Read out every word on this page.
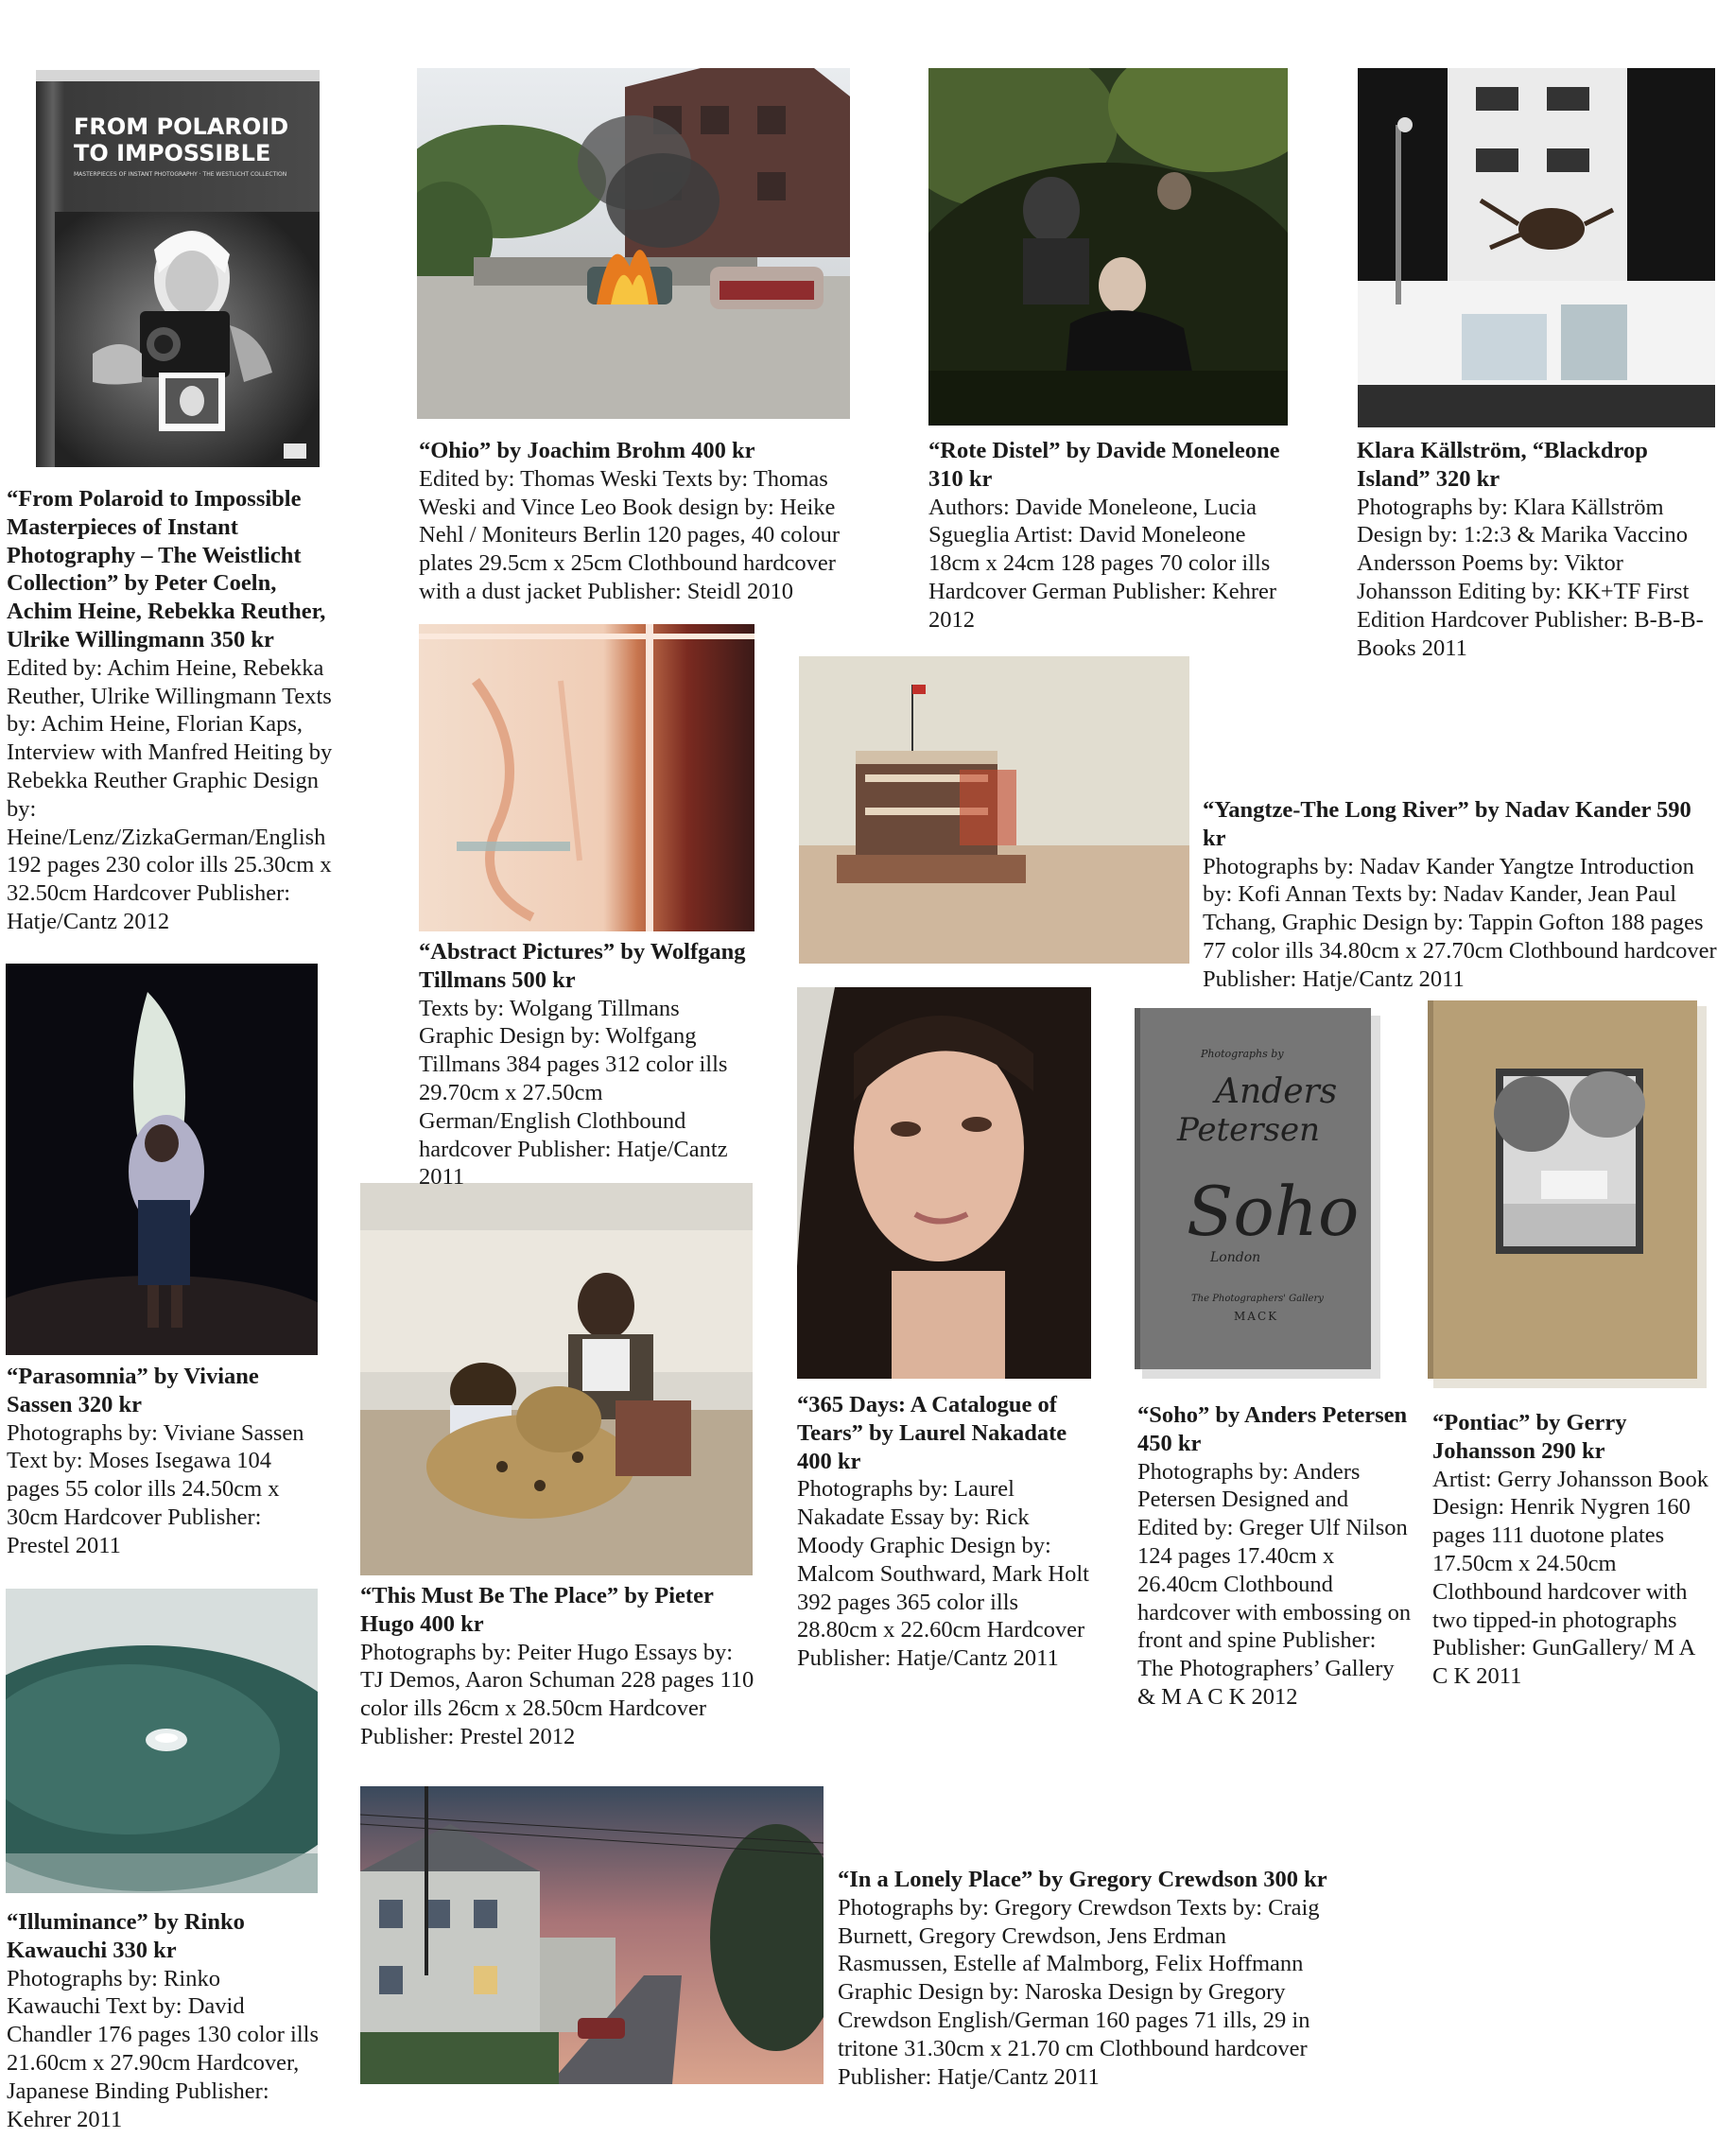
FROM POLAROID
TO IMPOSSIBLE
MASTERPIECES OF INSTANT PHOTOGRAPHY · THE WESTLICHT COLLECTION
Photographs by
Anders
Petersen
Soho
London
The Photographers' Gallery
MACK
“From Polaroid to Impossible Masterpieces of Instant Photography – The Weistlicht Collection” by Peter Coeln, Achim Heine, Rebekka Reuther, Ulrike Willingmann 350 kr
Edited by: Achim Heine, Rebekka Reuther, Ulrike Willingmann Texts by: Achim Heine, Florian Kaps, Interview with Manfred Heiting by Rebekka Reuther Graphic Design by: Heine/Lenz/ZizkaGerman/English 192 pages 230 color ills 25.30cm x 32.50cm Hardcover Publisher: Hatje/Cantz 2012
“Ohio” by Joachim Brohm 400 kr
Edited by: Thomas Weski Texts by: Thomas Weski and Vince Leo Book design by: Heike Nehl / Moniteurs Berlin 120 pages, 40 colour plates 29.5cm x 25cm Clothbound hardcover with a dust jacket Publisher: Steidl 2010
“Rote Distel” by Davide Moneleone 310 kr
Authors: Davide Moneleone, Lucia Sgueglia Artist: David Moneleone 18cm x 24cm 128 pages 70 color ills Hardcover German Publisher: Kehrer 2012
Klara Källström, “Blackdrop Island” 320 kr
Photographs by: Klara Källström Design by: 1:2:3 & Marika Vaccino Andersson Poems by: Viktor Johansson Editing by: KK+TF First Edition Hardcover Publisher: B-B-B-Books 2011
“Abstract Pictures” by Wolfgang Tillmans 500 kr
Texts by: Wolgang Tillmans Graphic Design by: Wolfgang Tillmans 384 pages 312 color ills 29.70cm x 27.50cm German/English Clothbound hardcover Publisher: Hatje/Cantz 2011
“Yangtze-The Long River” by Nadav Kander 590 kr
Photographs by: Nadav Kander Yangtze Introduction by: Kofi Annan Texts by: Nadav Kander, Jean Paul Tchang, Graphic Design by: Tappin Gofton 188 pages 77 color ills 34.80cm x 27.70cm Clothbound hardcover Publisher: Hatje/Cantz 2011
“Parasomnia” by Viviane Sassen 320 kr
Photographs by: Viviane Sassen Text by: Moses Isegawa 104 pages 55 color ills 24.50cm x 30cm Hardcover Publisher: Prestel 2011
“This Must Be The Place” by Pieter Hugo 400 kr
Photographs by: Peiter Hugo Essays by: TJ Demos, Aaron Schuman 228 pages 110 color ills 26cm x 28.50cm Hardcover Publisher: Prestel 2012
“365 Days: A Catalogue of Tears” by Laurel Nakadate 400 kr
Photographs by: Laurel Nakadate Essay by: Rick Moody Graphic Design by: Malcom Southward, Mark Holt 392 pages 365 color ills 28.80cm x 22.60cm Hardcover Publisher: Hatje/Cantz 2011
“Soho” by Anders Petersen 450 kr
Photographs by: Anders Petersen Designed and Edited by: Greger Ulf Nilson 124 pages 17.40cm x 26.40cm Clothbound hardcover with embossing on front and spine Publisher: The Photographers’ Gallery & M A C K 2012
“Pontiac” by Gerry Johansson 290 kr
Artist: Gerry Johansson Book Design: Henrik Nygren 160 pages 111 duotone plates 17.50cm x 24.50cm Clothbound hardcover with two tipped-in photographs Publisher: GunGallery/ M A C K 2011
“Illuminance” by Rinko Kawauchi 330 kr
Photographs by: Rinko Kawauchi Text by: David Chandler 176 pages 130 color ills 21.60cm x 27.90cm Hardcover, Japanese Binding Publisher: Kehrer 2011
“In a Lonely Place” by Gregory Crewdson 300 kr
Photographs by: Gregory Crewdson Texts by: Craig Burnett, Gregory Crewdson, Jens Erdman Rasmussen, Estelle af Malmborg, Felix Hoffmann Graphic Design by: Naroska Design by Gregory Crewdson English/German 160 pages 71 ills, 29 in tritone 31.30cm x 21.70 cm Clothbound hardcover Publisher: Hatje/Cantz 2011
